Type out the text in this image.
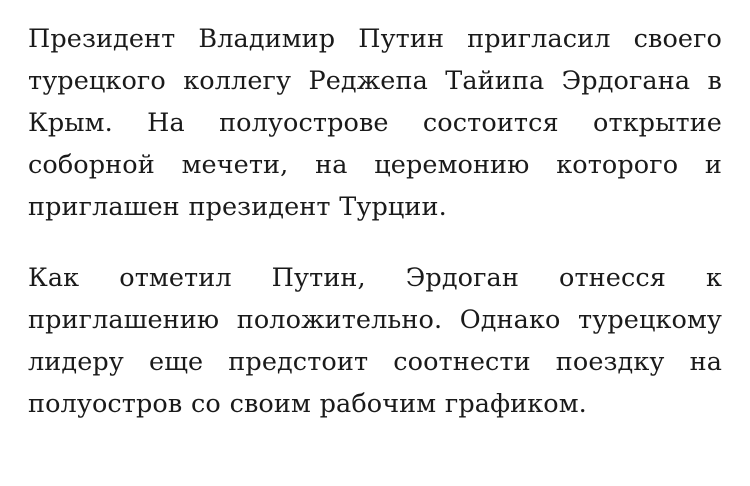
Президент Владимир Путин пригласил своего турецкого коллегу Реджепа Тайипа Эрдогана в Крым. На полуострове состоится открытие соборной мечети, на церемонию которого и приглашен президент Турции.

Как отметил Путин, Эрдоган отнесся к приглашению положительно. Однако турецкому лидеру еще предстоит соотнести поездку на полуостров со своим рабочим графиком.
